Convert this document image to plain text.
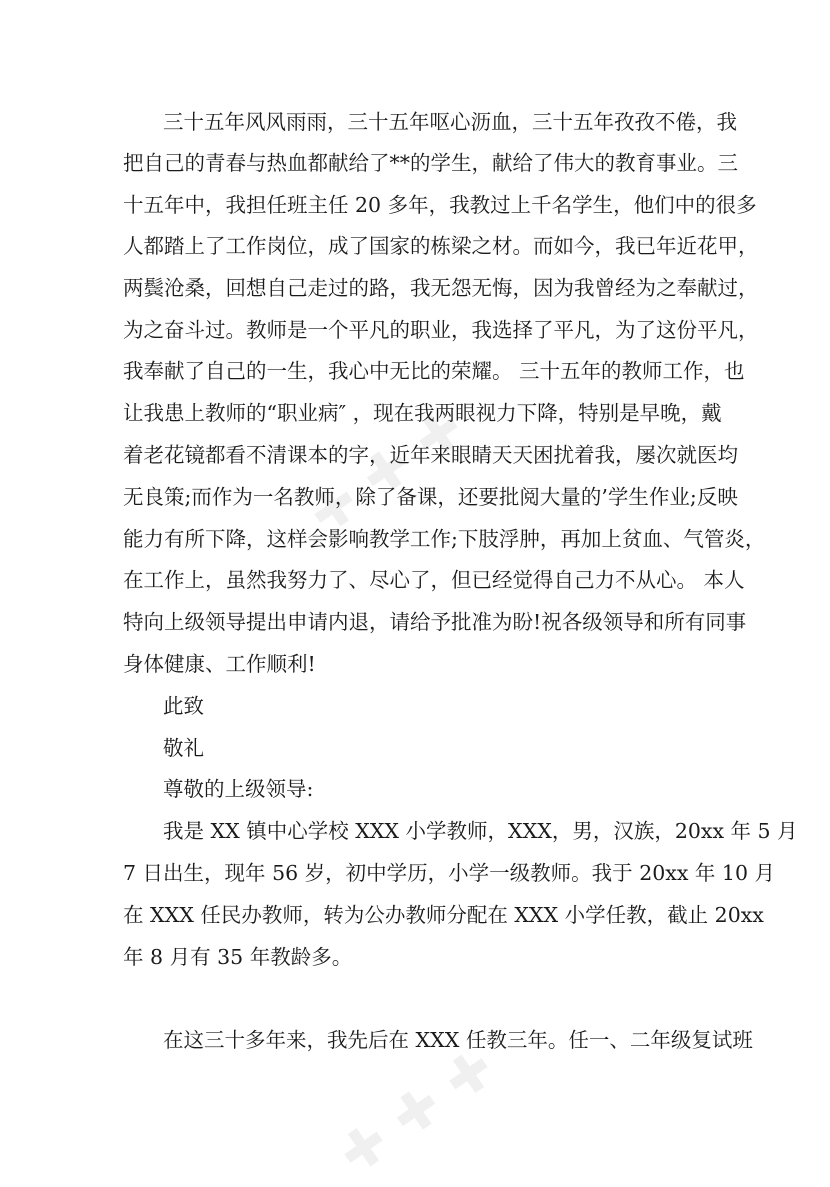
✚ ✚ ✚
✚ ✚ ✚
三十五年风风雨雨，三十五年呕心沥血，三十五年孜孜不倦，我
把自己的青春与热血都献给了**的学生，献给了伟大的教育事业。三
十五年中，我担任班主任 20 多年，我教过上千名学生，他们中的很多
人都踏上了工作岗位，成了国家的栋梁之材。而如今，我已年近花甲，
两鬓沧桑，回想自己走过的路，我无怨无悔，因为我曾经为之奉献过，
为之奋斗过。教师是一个平凡的职业，我选择了平凡，为了这份平凡，
我奉献了自己的一生，我心中无比的荣耀。 三十五年的教师工作，也
让我患上教师的“职业病″ ，现在我两眼视力下降，特别是早晚，戴
着老花镜都看不清课本的字，近年来眼睛天天困扰着我，屡次就医均
无良策;而作为一名教师，除了备课，还要批阅大量的’学生作业;反映
能力有所下降，这样会影响教学工作;下肢浮肿，再加上贫血、气管炎，
在工作上，虽然我努力了、尽心了，但已经觉得自己力不从心。 本人
特向上级领导提出申请内退，请给予批准为盼!祝各级领导和所有同事
身体健康、工作顺利!
此致
敬礼
尊敬的上级领导:
我是 XX 镇中心学校 XXX 小学教师，XXX，男，汉族，20xx 年 5 月
7 日出生，现年 56 岁，初中学历，小学一级教师。我于 20xx 年 10 月
在 XXX 任民办教师，转为公办教师分配在 XXX 小学任教，截止 20xx
年 8 月有 35 年教龄多。
在这三十多年来，我先后在 XXX 任教三年。任一、二年级复试班
